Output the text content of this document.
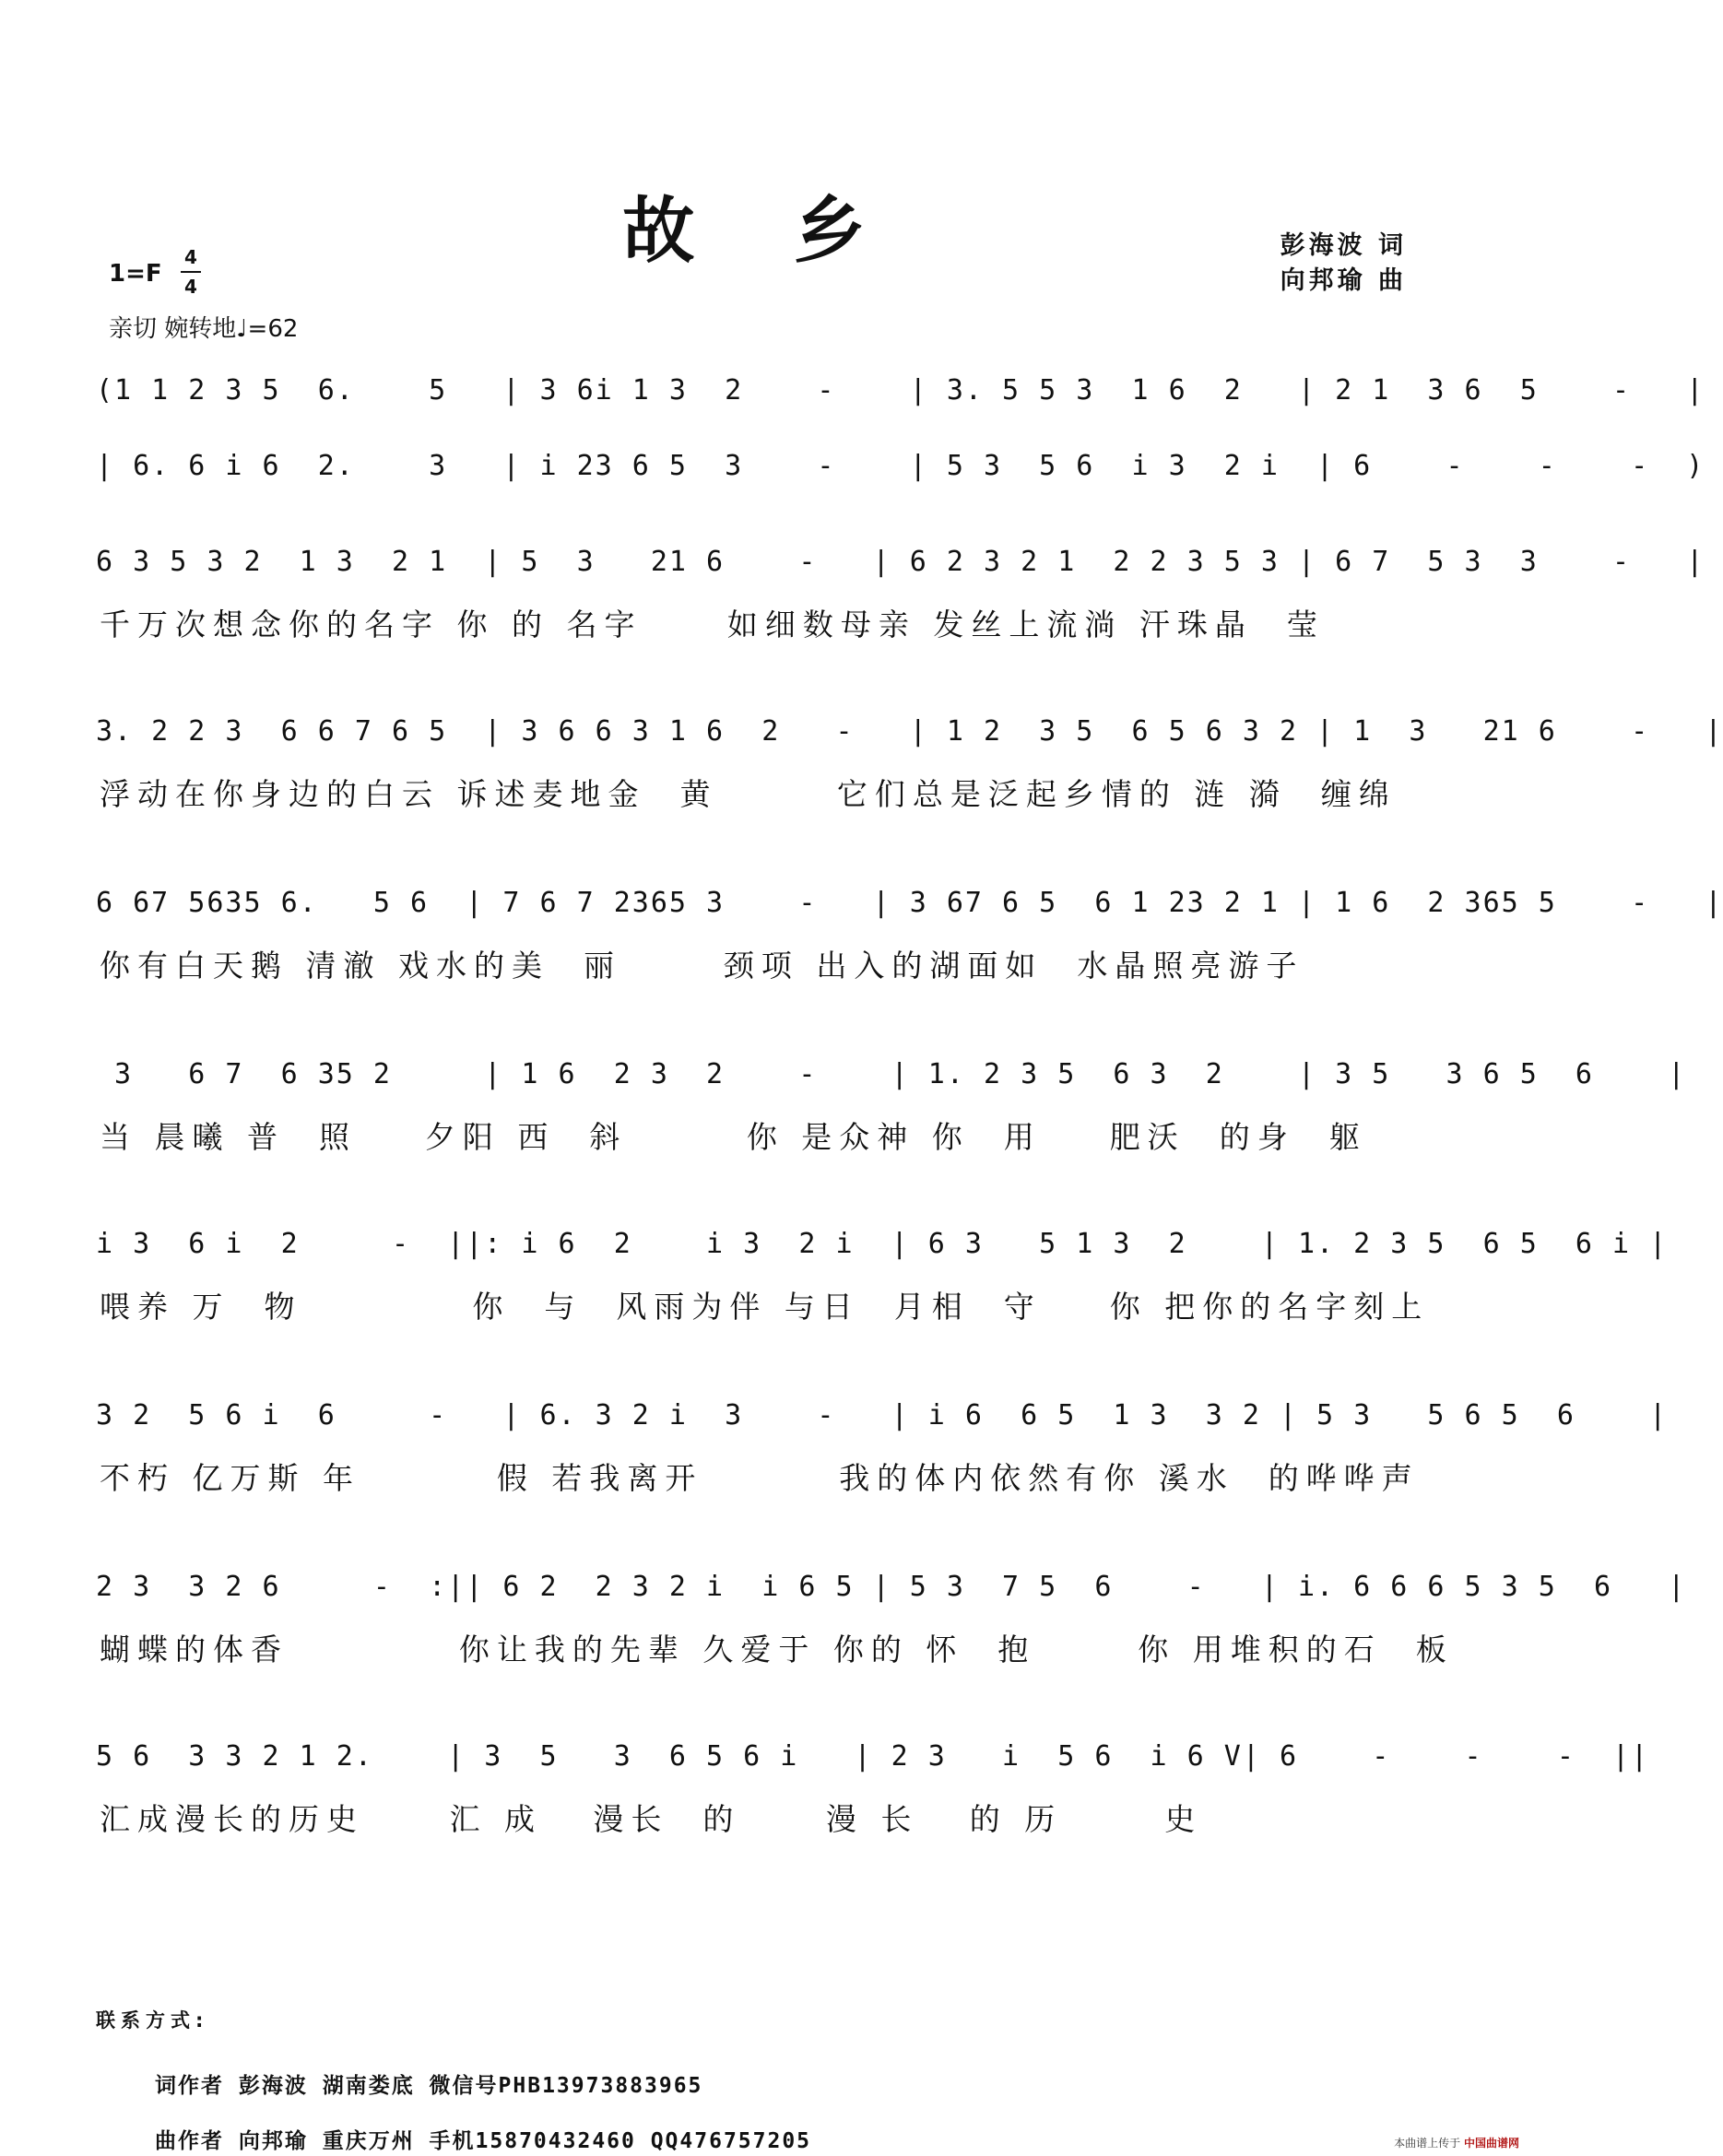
故 乡	彭海波 词
向邦瑜 曲
1=F
4
4
亲切 婉转地♩=62
(1 1 2 3 5  6.    5   | 3 6i 1 3  2    -    | 3. 5 5 3  1 6  2   | 2 1  3 6  5    -   |
| 6. 6 i 6  2.    3   | i 23 6 5  3    -    | 5 3  5 6  i 3  2 i  | 6    -    -    -  )
6 3 5 3 2  1 3  2 1  | 5  3   21 6    -   | 6 2 3 2 1  2 2 3 5 3 | 6 7  5 3  3    -   |
千万次想念你的名字 你 的 名字     如细数母亲 发丝上流淌 汗珠晶  莹
3. 2 2 3  6 6 7 6 5  | 3 6 6 3 1 6  2   -   | 1 2  3 5  6 5 6 3 2 | 1  3   21 6    -   |
浮动在你身边的白云 诉述麦地金  黄       它们总是泛起乡情的 涟 漪  缠绵
6 67 5635 6.   5 6  | 7 6 7 2365 3    -   | 3 67 6 5  6 1 23 2 1 | 1 6  2 365 5    -   |
你有白天鹅 清澈 戏水的美  丽      颈项 出入的湖面如  水晶照亮游子
3   6 7  6 35 2     | 1 6  2 3  2    -    | 1. 2 3 5  6 3  2    | 3 5   3 6 5  6    |
当 晨曦 普  照    夕阳 西  斜       你 是众神 你  用    肥沃  的身  躯
i 3  6 i  2     -  ||: i 6  2    i 3  2 i  | 6 3   5 1 3  2    | 1. 2 3 5  6 5  6 i |
喂养 万  物          你  与  风雨为伴 与日  月相  守    你 把你的名字刻上
3 2  5 6 i  6     -   | 6. 3 2 i  3    -   | i 6  6 5  1 3  3 2 | 5 3   5 6 5  6    |
不朽 亿万斯 年        假 若我离开        我的体内依然有你 溪水  的哗哗声
2 3  3 2 6     -  :|| 6 2  2 3 2 i  i 6 5 | 5 3  7 5  6    -   | i. 6 6 6 5 3 5  6   |
蝴蝶的体香          你让我的先辈 久爱于 你的 怀  抱      你 用堆积的石  板
5 6  3 3 2 1 2.    | 3  5   3  6 5 6 i   | 2 3   i  5 6  i 6 V| 6    -    -    -  ||
汇成漫长的历史     汇 成   漫长  的     漫 长   的 历      史
联系方式:
词作者 彭海波 湖南娄底 微信号PHB13973883965
曲作者 向邦瑜 重庆万州 手机15870432460 QQ476757205	本曲谱上传于 中国曲谱网
